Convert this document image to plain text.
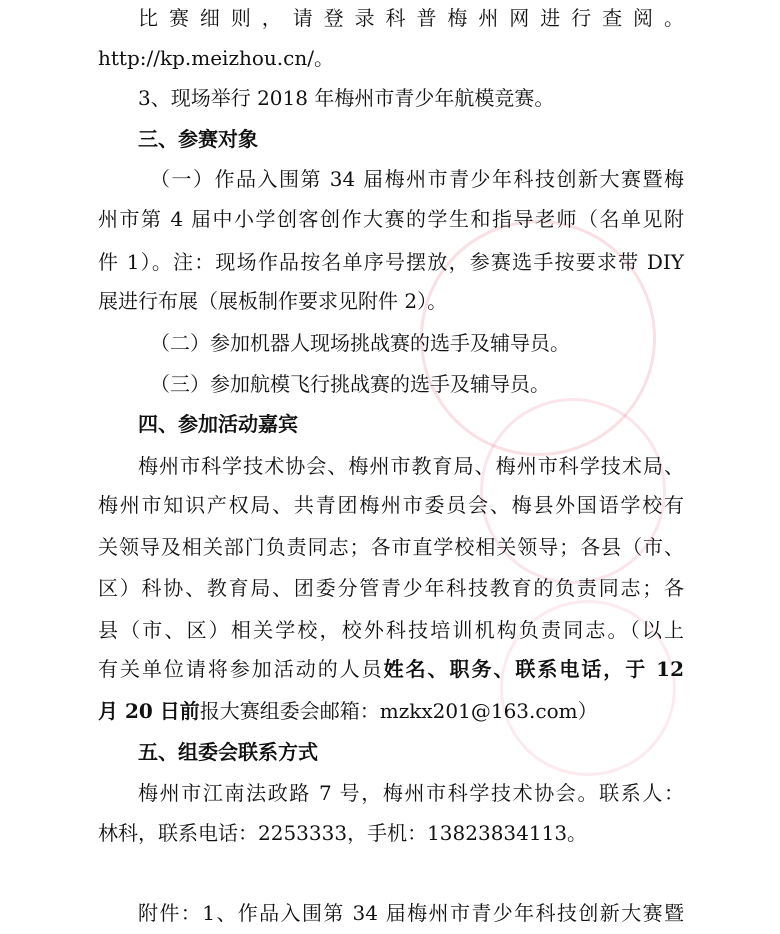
比赛细则，请登录科普梅州网进行查阅。
http://kp.meizhou.cn/。
3、现场举行 2018 年梅州市青少年航模竞赛。
三、参赛对象
（一）作品入围第 34 届梅州市青少年科技创新大赛暨梅
州市第 4 届中小学创客创作大赛的学生和指导老师（名单见附
件 1）。注：现场作品按名单序号摆放，参赛选手按要求带 DIY
展进行布展（展板制作要求见附件 2）。
（二）参加机器人现场挑战赛的选手及辅导员。
（三）参加航模飞行挑战赛的选手及辅导员。
四、参加活动嘉宾
梅州市科学技术协会、梅州市教育局、梅州市科学技术局、
梅州市知识产权局、共青团梅州市委员会、梅县外国语学校有
关领导及相关部门负责同志；各市直学校相关领导；各县（市、
区）科协、教育局、团委分管青少年科技教育的负责同志；各
县（市、区）相关学校，校外科技培训机构负责同志。（以上
有关单位请将参加活动的人员姓名、职务、联系电话，于 12
月 20 日前报大赛组委会邮箱：mzkx201@163.com）
五、组委会联系方式
梅州市江南法政路 7 号，梅州市科学技术协会。联系人：
林科，联系电话：2253333，手机：13823834113。
附件：1、作品入围第 34 届梅州市青少年科技创新大赛暨
